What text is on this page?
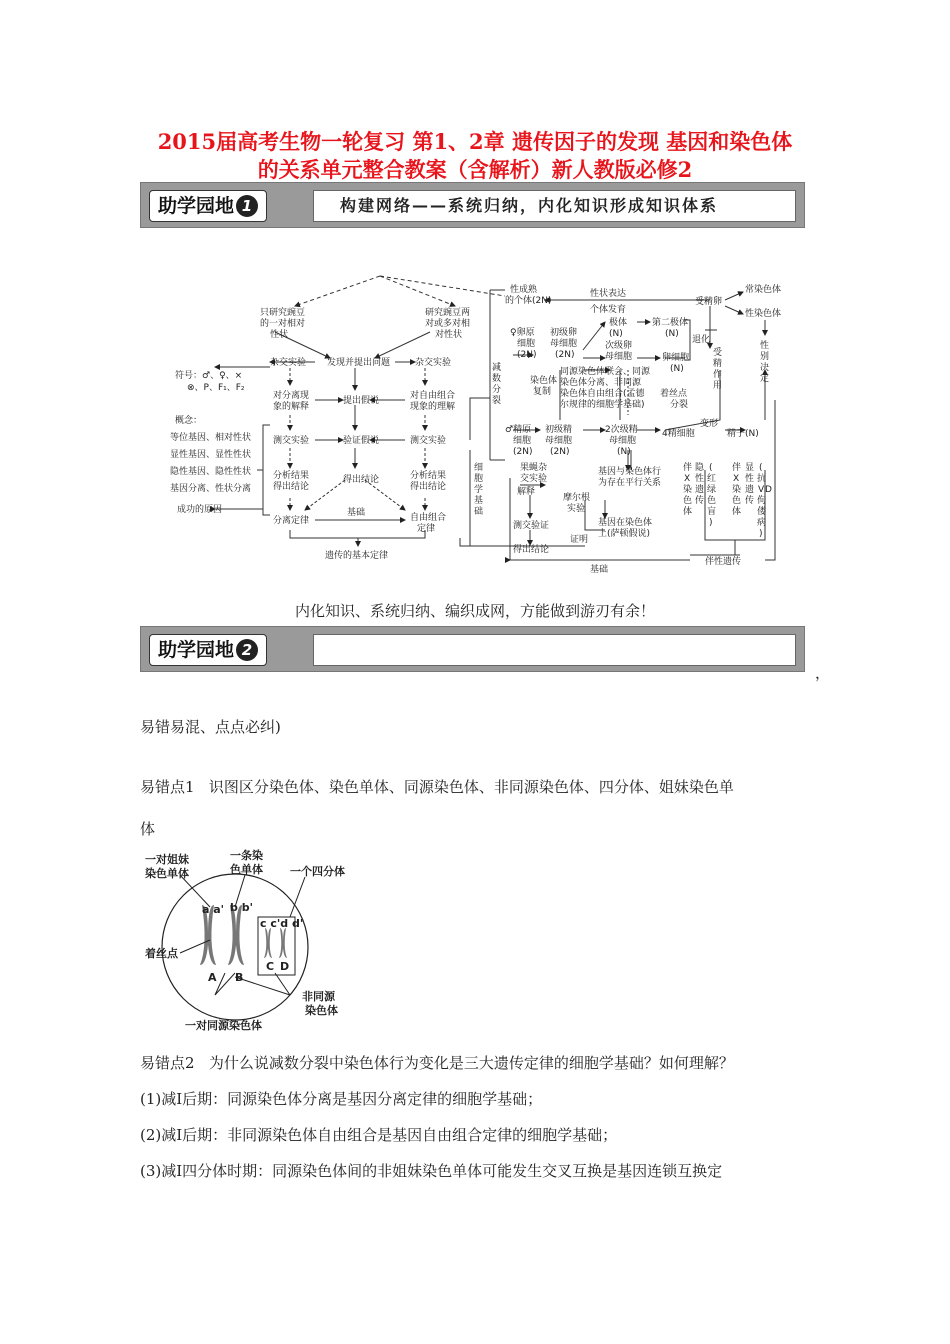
2015届高考生物一轮复习 第1、2章 遗传因子的发现 基因和染色体
的关系单元整合教案（含解析）新人教版必修2
助学园地 1	构建网络——系统归纳，内化知识形成知识体系
只研究豌豆
的一对相对
性状
研究豌豆两
对或多对相
对性状
杂交实验 发现并提出问题	杂交实验
符号：♂、♀、×
⊗、P、F₁、F₂
对分离现
象的解释
提出假说	对自由组合
现象的理解
概念：
等位基因、相对性状
显性基因、显性性状
隐性基因、隐性性状
基因分离、性状分离
成功的原因
测交实验	验证假说	测交实验
分析结果
得出结论
得出结论	分析结果
得出结论
分离定律
基础	自由组合
定律
遗传的基本定律
细
胞
学
基
础
性成熟
的个体(2N)
性状表达
个体发育
受精卵
常染色体
性染色体
减
数
分
裂
♀卵原
细胞
(2N)
初级卵
母细胞
(2N)
极体	第二极体
(N)	(N)
退化
次级卵
母细胞	卵细胞
(N)
受
精
作
用
性
别
决
定
染色体
复制
同源染色体联会、同源
染色体分离、非同源
染色体自由组合(孟德
尔规律的细胞学基础)
着丝点
分裂
♂精原
细胞
(2N)
初级精
母细胞
(2N)
2次级精
母细胞
(N)
4精细胞
变形
精子(N)
果蝇杂
交实验
解释
摩尔根
实验
基因与染色体行
为存在平行关系
基因在染色体
上(萨顿假说)
测交验证
证明
得出结论
伴
X
染
色
体
隐
性
遗
传
(
红
绿
色
盲
)
伴
X
染
色
体
显
性
遗
传
(
抗
V D
佝
偻
病
)
伴性遗传
基础
内化知识、系统归纳、编织成网，方能做到游刃有余！
助学园地 2
，
易错易混、点点必纠)
易错点1 识图区分染色体、染色单体、同源染色体、非同源染色体、四分体、姐妹染色单
体
一对姐妹
染色单体
一条染
色单体 一个四分体
着丝点
a a' b b'
c c'd d'
A B
C D
非同源
染色体
一对同源染色体
易错点2 为什么说减数分裂中染色体行为变化是三大遗传定律的细胞学基础？如何理解？
(1)减Ⅰ后期：同源染色体分离是基因分离定律的细胞学基础；
(2)减Ⅰ后期：非同源染色体自由组合是基因自由组合定律的细胞学基础；
(3)减Ⅰ四分体时期：同源染色体间的非姐妹染色单体可能发生交叉互换是基因连锁互换定
